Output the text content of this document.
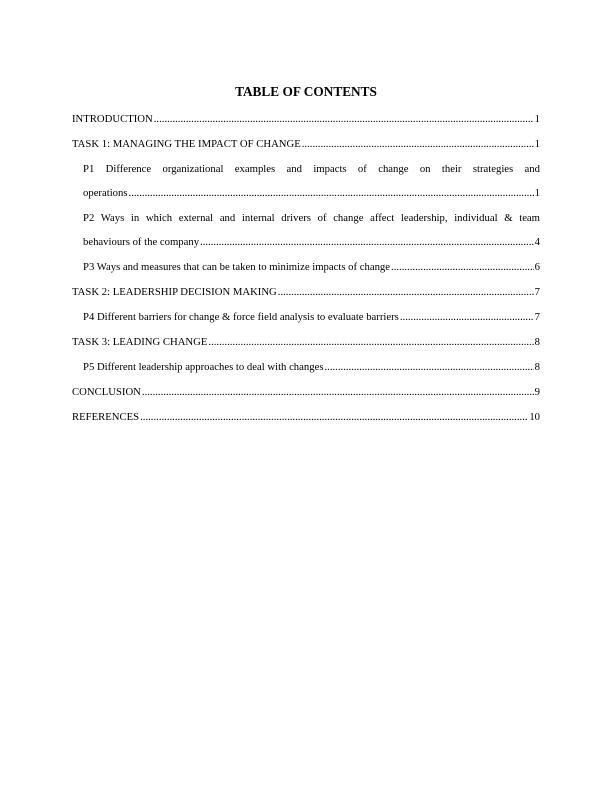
TABLE OF CONTENTS
INTRODUCTION .....	1
TASK 1: MANAGING THE IMPACT OF CHANGE .....	1
P1 Difference organizational examples and impacts of change on their strategies and
operations .....	1
P2 Ways in which external and internal drivers of change affect leadership, individual & team
behaviours of the company .....	4
P3 Ways and measures that can be taken to minimize impacts of change .....	6
TASK 2: LEADERSHIP DECISION MAKING .....	7
P4 Different barriers for change & force field analysis to evaluate barriers .....	7
TASK 3: LEADING CHANGE .....	8
P5 Different leadership approaches to deal with changes .....	8
CONCLUSION .....	9
REFERENCES .....	10
